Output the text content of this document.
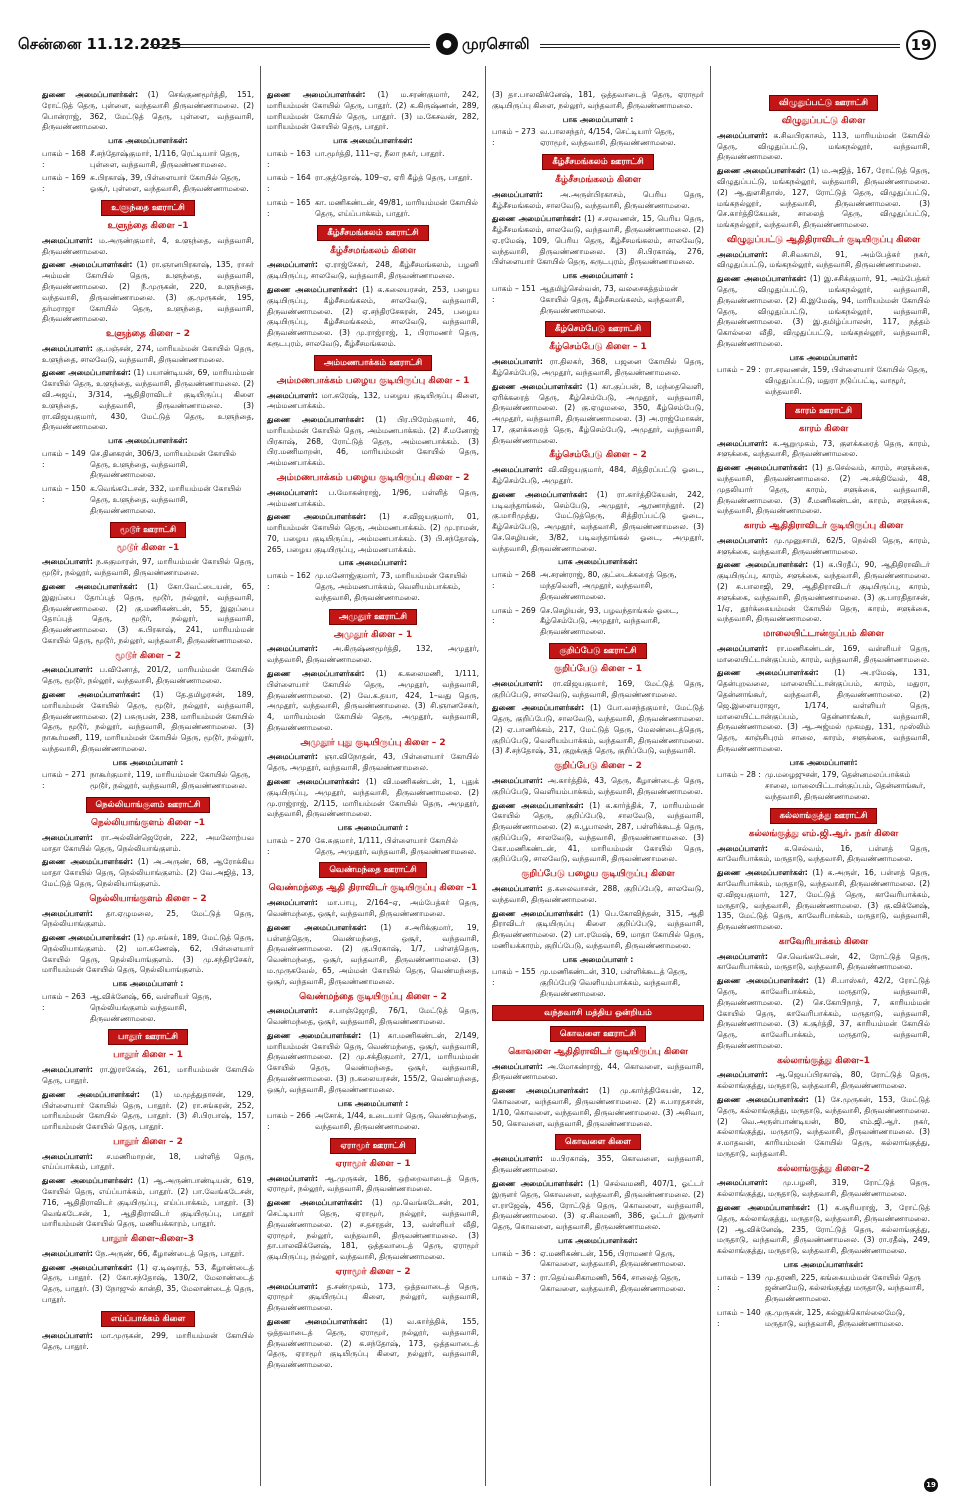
சென்னை 11.12.2025	● முரசொலி	19
துணை அமைப்பாளர்கள்: (1) செங்குணமூர்த்தி, 151, ரோட்டுத் தெரு, புள்ளை, வந்தவாசி திருவண்ணாமலை. (2) பொன்ராஜ், 362, மேட்டுத் தெரு, புள்ளை, வந்தவாசி, திருவண்ணாமலை.
பாக அமைப்பாளர்கள்:
பாகம் – 168 :
சீ.சந்தோஷ்குமார், 1/116, ரெட்டியார் தெரு, புள்ளை, வந்தவாசி, திருவண்ணாமலை.
பாகம் – 169 :
சு.பிரகாஷ், 39, பிள்ளையார் கோயில் தெரு, ஓசூர், புள்ளை, வந்தவாசி, திருவண்ணாமலை.
உளுந்தை ஊராட்சி
உளுந்தை கிளை –1
அமைப்பாளர்: ம.அருண்குமார், 4, உளுந்தை, வந்தவாசி, திருவண்ணாமலை.
துணை அமைப்பாளர்கள்: (1) ரா.ஞானபிரகாஷ், 135, ராசுர் அம்மன் கோயில் தெரு, உளுந்தை, வந்தவாசி, திருவண்ணாமலை. (2) நீ.முருகன், 220, உளுந்தை, வந்தவாசி, திருவண்ணாமலை. (3) கு.முருகன், 195, தர்மராஜா கோயில் தெரு, உளுந்தை, வந்தவாசி, திருவண்ணாமலை.
உளுந்தை கிளை – 2
அமைப்பாளர்: கு.பஞ்சன், 274, மாரியம்மன் கோயில் தெரு, உளுந்தை, சாலவேடு, வந்தவாசி, திருவண்ணாமலை.
துணை அமைப்பாளர்கள்: (1) பயாண்டியன், 69, மாரியம்மன் கோயில் தெரு, உளுந்தை, வந்தவாசி, திருவண்ணாமலை. (2) வி.அஜய், 3/314, ஆதிதிராவிடர் குடியிருப்பு கிளை உளுந்தை, வந்தவாசி, திருவண்ணாமலை. (3) ரா.விஜயகுமார், 430, மேட்டுத் தெரு, உளுந்தை, திருவண்ணாமலை.
பாக அமைப்பாளர்கள்:
பாகம் – 149 :
செ.தினகரன், 306/3, மாரியம்மன் கோயில் தெரு, உளுந்தை, வந்தவாசி, திருவண்ணாமலை.
பாகம் – 150 :
க.வெங்கடேசன், 332, மாரியம்மன் கோயில் தெரு, உளுந்தை, வந்தவாசி, திருவண்ணாமலை.
மூடூர் ஊராட்சி
மூடூர் கிளை –1
அமைப்பாளர்: ந.சுகுமாரன், 97, மாரியம்மன் கோயில் தெரு, மூடூர், நல்லூர், வந்தவாசி, திருவண்ணாமலை.
துணை அமைப்பாளர்கள்: (1) கோ.வேட்டையன், 65, இலுப்பை தோப்புத் தெரு, மூடூர், நல்லூர், வந்தவாசி, திருவண்ணாமலை. (2) கு.மணிகண்டன், 55, இலுப்பை தோப்புத் தெரு, மூடூர், நல்லூர், வந்தவாசி, திருவண்ணாமலை. (3) க.பிரகாஷ், 241, மாரியம்மன் கோயில் தெரு, மூடூர், நல்லூர், வந்தவாசி, திருவண்ணாமலை.
மூடூர் கிளை – 2
அமைப்பாளர்: ப.வினோத், 201/2, மாரியம்மன் கோயில் தெரு, மூடூர், நல்லூர், வந்தவாசி, திருவண்ணாமலை.
துணை அமைப்பாளர்கள்: (1) தே.தமிழரசன், 189, மாரியம்மன் கோயில் தெரு, மூடூர், நல்லூர், வந்தவாசி, திருவண்ணாமலை. (2) பசுருபன், 238, மாரியம்மன் கோயில் தெரு, மூடூர், நல்லூர், வந்தவாசி, திருவண்ணாமலை. (3) நாகூர்மணி, 119, மாரியம்மன் கோயில் தெரு, மூடூர், நல்லூர், வந்தவாசி, திருவண்ணாமலை.
பாக அமைப்பாளர் :
பாகம் – 271 :
நாகூர்குமார், 119, மாரியம்மன் கோயில் தெரு, மூடூர், நல்லூர், வந்தவாசி, திருவண்ணாமலை.
நெல்லியாங்குளம் ஊராட்சி
நெல்லியாங்குளம் கிளை –1
அமைப்பாளர்: ரா.அல்லின்ஜெரேன், 222, அமலோற்பவ மாதா கோயில் தெரு, நெல்லியாங்குளம்.
துணை அமைப்பாளர்கள்: (1) அ.அருண், 68, ஆரோக்கிய மாதா கோயில் தெரு, நெல்லியாங்குளம். (2) வே.அஜித், 13, மேட்டுத் தெரு, நெல்லியாங்குளம்.
நெல்லியாங்குளம் கிளை – 2
அமைப்பாளர்: தா.ஏழுமலை, 25, மேட்டுத் தெரு, நெல்லியாங்குளம்.
துணை அமைப்பாளர்கள்: (1) மு.சங்கர், 189, மேட்டுத் தெரு, நெல்லியாங்குளம். (2) மா.கணேஷ், 62, பிள்ளையார் கோயில் தெரு, நெல்லியாங்குளம். (3) மு.சந்திரசேகர், மாரியம்மன் கோயில் தெரு, நெல்லியாங்குளம்.
பாக அமைப்பாளர் :
பாகம் – 263 :
ஆ.விக்னேஷ், 66, வள்ளியர் தெரு, நெல்லியங்குளம் வந்தவாசி, திருவண்ணாமலை.
பாதூர் ஊராட்சி
பாதூர் கிளை – 1
அமைப்பாளர்: ரா.இராகேஷ், 261, மாரியம்மன் கோயில் தெரு, பாதூர்.
துணை அமைப்பாளர்கள்: (1) ம.முத்துதாசன், 129, பிள்ளையார் கோயில் தெரு, பாதூர். (2) ரா.சங்கரன், 252, மாரியம்மன் கோயில் தெரு, பாதூர். (3) சி.பிரபாஷ், 157, மாரியம்மன் கோயில் தெரு, பாதூர்.
பாதூர் கிளை – 2
அமைப்பாளர்: ச.மணிமாறன், 18, பள்ளித் தெரு, எய்ப்பாக்கம், பாதூர்.
துணை அமைப்பாளர்கள்: (1) ஆ.அருண்பாண்டியன், 619, கோயில் தெரு, எய்ப்பாக்கம், பாதூர். (2) பா.வேங்கடேசன், 716, ஆதிதிராவிடர் குடியிருப்பு, எய்ப்பாக்கம், பாதூர். (3) வெங்கடேசன், 1, ஆதிதிராவிடர் குடியிருப்பு, பாதூர் மாரியம்மன் கோயில் தெரு, மணியக்காரம், பாதூர்.
பாதூர் கிளை–கிளை–3
அமைப்பாளர்: நே.அருண், 66, கீழாண்டைத் தெரு, பாதூர்.
துணை அமைப்பாளர்கள்: (1) ஏ.டிஷாரத், 53, கீழாண்டைத் தெரு, பாதூர். (2) கோ.சந்தோஷ், 130/2, மேலாண்டைத் தெரு, பாதூர். (3) நோஜுல் கான்தி, 35, மேலாண்டைத் தெரு, பாதூர்.
எய்ப்பாக்கம் கிளை
அமைப்பாளர்: மா.முருகன், 299, மாரியம்மன் கோயில் தெரு, பாதூர்.
துணை அமைப்பாளர்கள்: (1) ம.சரண்குமார், 242, மாரியம்மன் கோயில் தெரு, பாதூர். (2) க.கிருஷ்ணன், 289, மாரியம்மன் கோயில் தெரு, பாதூர். (3) ம.கேசவன், 282, மாரியம்மன் கோயில் தெரு, பாதூர்.
பாக அமைப்பாளர்கள்:
பாகம் – 163 :
பா.மூர்த்தி, 111–ஏ, நீலா நகர், பாதூர்.
பாகம் – 164 :
ரா.குத்தோஷ், 109–ஏ, ஏரி கீழ்த் தெரு, பாதூர்.
பாகம் – 165 :
கா. மணிகண்டன், 49/81, மாரியம்மன் கோயில் தெரு, எய்ப்பாக்கம், பாதூர்.
கீழ்சீசமங்கலம் ஊராட்சி
கீழ்சீசமங்கலம் கிளை
அமைப்பாளர்: ஏ.ராஜ்சேகர், 248, கீழ்சீசமங்கலம், பழனி குடியிருப்பு, சாலவேடு, வந்தவாசி, திருவண்ணாமலை.
துணை அமைப்பாளர்கள்: (1) க.கலையரசன், 253, பழைய குடியிருப்பு, கீழ்சீசமங்கலம், சாலவேடு, வந்தவாசி, திருவண்ணாமலை. (2) ஏ.சந்திரசேகரன், 245, பழைய குடியிருப்பு, கீழ்சீசமங்கலம், சாலவேடு, வந்தவாசி, திருவண்ணாமலை. (3) மு.ராஜ்ராஜ், 1, பிராமணர் தெரு, கரூடபுரம், சாலவேடு, கீழ்சீசமங்கலம்.
அம்மணபாக்கம் ஊராட்சி
அம்மணபாக்கம் பழைய குடியிருப்பு கிளை – 1
அமைப்பாளர்: மா.சுரேஷ், 132, பழைய குடியிருப்பு கிளை, அம்மணபாக்கம்.
துணை அமைப்பாளர்கள்: (1) பிர.பிரேம்குமார், 46, மாரியம்மன் கோயில் தெரு, அம்மணபாக்கம். (2) சீ.மனோஜ் பிரகாஷ், 268, ரோட்டுத் தெரு, அம்மணபாக்கம். (3) பிர.மணிமாறன், 46, மாரியம்மன் கோயில் தெரு, அம்மணபாக்கம்.
அம்மணபாக்கம் பழைய குடியிருப்பு கிளை – 2
அமைப்பாளர்: ப.மோகன்ராஜ், 1/96, பள்ளித் தெரு, அம்மணபாக்கம்.
துணை அமைப்பாளர்கள்: (1) ச.விஜயகுமார், 01, மாரியம்மன் கோயில் தெரு, அம்மணபாக்கம். (2) மு.ராமன், 70, பழைய குடியிருப்பு, அம்மணபாக்கம். (3) பி.சந்தோஷ், 265, பழைய குடியிருப்பு, அம்மணபாக்கம்.
பாக அமைப்பாளர்:
பாகம் – 162 :
மு.மனோஜ்குமார், 73, மாரியம்மன் கோயில் தெரு, அம்மணபாக்கம், வெளியம்பாக்கம், வந்தவாசி, திருவண்ணாமலை.
அமுதூர் ஊராட்சி
அமுதூர் கிளை – 1
அமைப்பாளர்: அ.கிருஷ்ணமூர்த்தி, 132, அமுதூர், வந்தவாசி, திருவண்ணாமலை.
துணை அமைப்பாளர்கள்: (1) க.கலைமணி, 1/111, பிள்ளையார் கோயில் தெரு, அமுதூர், வந்தவாசி, திருவண்ணாமலை. (2) வே.க.தயா, 424, 1–வது தெரு, அமுதூர், வந்தவாசி, திருவண்ணாமலை. (3) சி.ஞானசேகர், 4, மாரியம்மன் கோயில் தெரு, அமுதூர், வந்தவாசி, திருவண்ணாமலை.
அமுதூர் புது குடியிருப்பு கிளை – 2
அமைப்பாளர்: ஞா.விநோதன், 43, பிள்ளையார் கோயில் தெரு, அமுதூர், வந்தவாசி, திருவண்ணாமலை.
துணை அமைப்பாளர்கள்: (1) வி.மணிகண்டன், 1, புதுக் குடியிருப்பு, அமுதூர், வந்தவாசி, திருவண்ணாமலை. (2) மு.ராஜ்ராஜ், 2/115, மாரியம்மன் கோயில் தெரு, அமுதூர், வந்தவாசி, திருவண்ணாமலை.
பாக அமைப்பாளர் :
பாகம் – 270 :
கே.சுகுமார், 1/111, பிள்ளையார் கோயில் தெரு, அமுதூர், வந்தவாசி, திருவண்ணாமலை.
வெண்மந்தை ஊராட்சி
வெண்மந்தை ஆதி திராவிடர் குடியிருப்பு கிளை –1
அமைப்பாளர்: மா.பாபு, 2/164–ஏ, அம்பேத்கர் தெரு, வெண்மந்தை, ஒசூர், வந்தவாசி, திருவண்ணாமலை.
துணை அமைப்பாளர்கள்: (1) ச.அரிக்குமார், 19, பள்ளத்தெரு, வெண்மந்தை, ஒசூர், வந்தவாசி, திருவண்ணாமலை. (2) கு.பிரகாஷ், 1/7, பள்ளத்தெரு, வெண்மந்தை, ஒசூர், வந்தவாசி, திருவண்ணாமலை. (3) ம.முருகவேல், 65, அம்மன் கோயில் தெரு, வெண்மந்தை, ஒசூர், வந்தவாசி, திருவண்ணாமலை.
வெண்மந்தை குடியிருப்பு கிளை – 2
அமைப்பாளர்: ச.பாஞ்ஜோதி, 76/1, மேட்டுத் தெரு, வெண்மந்தை, ஒசூர், வந்தவாசி, திருவண்ணாமலை.
துணை அமைப்பாளர்கள்: (1) கா.மணிகண்டன், 2/149, மாரியம்மன் கோயில் தெரு, வெண்மந்தை, ஒசூர், வந்தவாசி, திருவண்ணாமலை. (2) மு.சக்திகுமார், 27/1, மாரியம்மன் கோயில் தெரு, வெண்மந்தை, ஒசூர், வந்தவாசி, திருவண்ணாமலை. (3) ந.கலையரசன், 155/2, வெண்மந்தை, ஒசூர், வந்தவாசி, திருவண்ணாமலை.
பாக அமைப்பாளர் :
பாகம் – 266 :
அசோக், 1/44, உடையார் தெரு, வெண்மந்தை, வந்தவாசி, திருவண்ணாமலை.
ஏராமூர் ஊராட்சி
ஏராமூர் கிளை – 1
அமைப்பாளர்: ஆ.முருகன், 186, ஒற்றைவாடைத் தெரு, ஏராமூர், நல்லூர், வந்தவாசி, திருவண்ணாமலை.
துணை அமைப்பாளர்கள்: (1) மு.வெங்கடேசன், 201, செட்டியார் தெரு, ஏராமூர், நல்லூர், வந்தவாசி, திருவண்ணாமலை. (2) ச.தசரதன், 13, வள்ளியர் வீதி, ஏராமூர், நல்லூர், வந்தவாசி, திருவண்ணாமலை. (3) தா.பாலவிக்னேஷ், 181, ஒத்தவாடைத் தெரு, ஏராமூர் குடியிருப்பு, நல்லூர், வந்தவாசி, திருவண்ணாமலை.
ஏராமூர் கிளை – 2
அமைப்பாளர்: த.சண்முகம், 173, ஒத்தவாடைத் தெரு, ஏராமூர் குடியிருப்பு கிளை, நல்லூர், வந்தவாசி, திருவண்ணாமலை.
துணை அமைப்பாளர்கள்: (1) வ.கார்த்திக், 155, ஒத்தவாடைத் தெரு, ஏராமூர், நல்லூர், வந்தவாசி, திருவண்ணாமலை. (2) க.சந்தோஷ், 173, ஒத்தவாடைத் தெரு, ஏராமூர் குடியிருப்பு கிளை, நல்லூர், வந்தவாசி, திருவண்ணாமலை.
(3) தா.பாலவிக்னேஷ், 181, ஒத்தவாடைத் தெரு, ஏராமூர் குடியிருப்பு கிளை, நல்லூர், வந்தவாசி, திருவண்ணாமலை.
பாக அமைப்பாளர் :
பாகம் – 273 :
வ.பாலசந்தர், 4/154, செட்டியார் தெரு, ஏராமூர், வந்தவாசி, திருவண்ணாமலை.
கீழ்சீசமங்கலம் ஊராட்சி
கீழ்சீசமங்கலம் கிளை
அமைப்பாளர்: அ.அருள்பிரகாசம், பெரிய தெரு, கீழ்சீசமங்கலம், சாலவேடு, வந்தவாசி, திருவண்ணாமலை.
துணை அமைப்பாளர்கள்: (1) ச.சரவணன், 15, பெரிய தெரு, கீழ்சீசமங்கலம், சாலவேடு, வந்தவாசி, திருவண்ணாமலை. (2) ஏ.ரமேஷ், 109, பெரிய தெரு, கீழ்சீசமங்கலம், சாலவேடு, வந்தவாசி, திருவண்ணாமலை. (3) சி.பிரகாஷ், 276, பிள்ளையார் கோயில் தெரு, கருடபுரம், திருவண்ணாமலை.
பாக அமைப்பாளர் :
பாகம் – 151 :
ஆதமிழ்செல்வன், 73, வலசைசுத்தம்மன் கோயில் தெரு, கீழ்சீசமங்கலம், வந்தவாசி, திருவண்ணாமலை.
கீழ்செம்பேடு ஊராட்சி
கீழ்செம்பேடு கிளை – 1
அமைப்பாளர்: ரா.திலகர், 368, பஜனை கோயில் தெரு, கீழ்செம்பேடு, அமுதூர், வந்தவாசி, திருவண்ணாமலை.
துணை அமைப்பாளர்கள்: (1) கா.குப்பன், 8, மந்தைவெளி, ஏரிக்கரைத் தெரு, கீழ்செம்பேடு, அமுதூர், வந்தவாசி, திருவண்ணாமலை. (2) கு.ஏழுமலை, 350, கீழ்செம்பேடு, அமுதூர், வந்தவாசி, திருவண்ணாமலை. (3) அ.ராஜ்மோகன், 17, குளக்கரைத் தெரு, கீழ்செம்பேடு, அமுதூர், வந்தவாசி, திருவண்ணாமலை.
கீழ்செம்பேடு கிளை – 2
அமைப்பாளர்: வி.விஜயகுமார், 484, சித்திரப்பட்டு ஓடை, கீழ்செம்பேடு, அமுதூர்.
துணை அமைப்பாளர்கள்: (1) ரா.கார்த்திகேயன், 242, படிவந்தாங்கல், செம்பேடு, அமுதூர், ஆரணாந்தூர். (2) கு.மாரிமுத்து, மேட்டுத்தெரு, சித்திரப்பட்டு ஓடை, கீழ்செம்பேடு, அமுதூர், வந்தவாசி, திருவண்ணாமலை. (3) செ.செழியன், 3/82, படிவந்தாங்கல் ஓடை, அமுதூர், வந்தவாசி, திருவண்ணாமலை.
பாக அமைப்பாளர்கள்:
பாகம் – 268 :
அ.சரண்ராஜ், 80, குட்டைக்கரைத் தெரு, மந்தவெளி, அமுதூர், வந்தவாசி, திருவண்ணாமலை.
பாகம் – 269 :
செ.செழியன், 93, பழவந்தாங்கல் ஓடை, கீழ்செம்பேடு, அமுதூர், வந்தவாசி, திருவண்ணாமலை.
குறிப்பேடு ஊராட்சி
குறிப்பேடு கிளை – 1
அமைப்பாளர்: ரா.விஜயகுமார், 169, மேட்டுத் தெரு, குறிப்பேடு, சாலவேடு, வந்தவாசி, திருவண்ணாமலை.
துணை அமைப்பாளர்கள்: (1) போ.வசந்தகுமார், மேட்டுத் தெரு, குறிப்பேடு, சாலவேடு, வந்தவாசி, திருவண்ணாமலை. (2) ஏ.பாணிக்கம், 217, மேட்டுத் தெரு, மேலண்டைத்தெரு, குறிப்பேடு, வெளியம்பாக்கம், வந்தவாசி, திருவண்ணாமலை. (3) சீ.சந்தோஷ், 31, குறுக்குத் தெரு, குறிப்பேடு, வந்தவாசி.
குறிப்பேடு கிளை – 2
அமைப்பாளர்: அ.கார்த்திக், 43, தெரு, கீழாண்டைத் தெரு, குறிப்பேடு, வெளியம்பாக்கம், வந்தவாசி, திருவண்ணாமலை.
துணை அமைப்பாளர்கள்: (1) க.கார்த்திக், 7, மாரியம்மன் கோயில் தெரு, குறிப்பேடு, சாலவேடு, வந்தவாசி, திருவண்ணாமலை. (2) சு.பூபாலன், 287, பள்ளிக்கூடத் தெரு, குறிப்பேடு, சாலவேடு, வந்தவாசி, திருவண்ணாமலை. (3) கோ.மணிகண்டன், 41, மாரியம்மன் கோயில் தெரு, குறிப்பேடு, சாலவேடு, வந்தவாசி, திருவண்ணாமலை.
குறிப்பேடு பழைய குடியிருப்பு கிளை
அமைப்பாளர்: த.கலைவாசன், 288, குறிப்பேடு, சாலவேடு, வந்தவாசி, திருவண்ணாமலை.
துணை அமைப்பாளர்கள்: (1) பெ.கோவிந்தன், 315, ஆதி திராவிடர் குடியிருப்பு கிளை குறிப்பேடு, வந்தவாசி, திருவண்ணாமலை. (2) பா.ரமேஷ், 69, மாதா கோயில் தெரு, மணியக்காரம், குறிப்பேடு, வந்தவாசி, திருவண்ணாமலை.
பாக அமைப்பாளர் :
பாகம் – 155 :
மு.மணிகண்டன், 310, பள்ளிக்கூடத் தெரு, குறிப்பேடு வெளியம்பாக்கம், வந்தவாசி, திருவண்ணாமலை.
வந்தவாசி மத்திய ஒன்றியம்
கொவளை ஊராட்சி
கொவளை ஆதிதிராவிடர் குடியிருப்பு கிளை
அமைப்பாளர்: அ.மோகன்ராஜ், 44, கொவளை, வந்தவாசி, திருவண்ணாமலை.
துணை அமைப்பாளர்கள்: (1) மு.கார்த்திகேயன், 12, கொவளை, வந்தவாசி, திருவண்ணாமலை. (2) சு.பாரதசான், 1/10, கொவளை, வந்தவாசி, திருவண்ணாமலை. (3) அசிவா, 50, கொவளை, வந்தவாசி, திருவண்ணாமலை.
கொவளை கிளை
அமைப்பாளர்: ம.பிரகாஷ், 355, கொவளை, வந்தவாசி, திருவண்ணாமலை.
துணை அமைப்பாளர்கள்: (1) செல்வமணி, 407/1, ஓட்டர் இருளர் தெரு, கொவளை, வந்தவாசி, திருவண்ணாமலை. (2) எ.ராஜேஷ், 456, ரோட்டுத் தெரு, கொவளை, வந்தவாசி, திருவண்ணாமலை. (3) ஏ.சிவமணி, 386, ஓட்டர் இருளர் தெரு, கொவளை, வந்தவாசி, திருவண்ணாமலை.
பாக அமைப்பாளர்கள்:
பாகம் – 36 : ஏ.மணிகண்டன், 156, பிராமணர் தெரு, கொவளை, வந்தவாசி, திருவண்ணாமலை.
பாகம் – 37 : ரா.தெய்வசிகாமணி, 564, சாலைத் தெரு, கொவளை, வந்தவாசி, திருவண்ணாமலை.
விழுதுப்பட்டு ஊராட்சி
விழுதுப்பட்டு கிளை
அமைப்பாளர்: க.சிவபிரகாசம், 113, மாரியம்மன் கோயில் தெரு, விழுதுப்பட்டு, மங்கநல்லூர், வந்தவாசி, திருவண்ணாமலை.
துணை அமைப்பாளர்கள்: (1) ம.அஜித், 167, ரோட்டுத் தெரு, விழுதுப்பட்டு, மங்கநல்லூர், வந்தவாசி, திருவண்ணாமலை. (2) ஆ.துளசிதாஸ், 127, ரோட்டுத் தெரு, விழுதுப்பட்டு, மங்கநல்லூர், வந்தவாசி, திருவண்ணாமலை. (3) செ.கார்த்திகேயன், சாலைத் தெரு, விழுதுப்பட்டு, மங்கநல்லூர், வந்தவாசி, திருவண்ணாமலை.
விழுதுப்பட்டு ஆதிதிராவிடர் குடியிருப்பு கிளை
அமைப்பாளர்: சி.சிவகாமி, 91, அம்பேத்கர் நகர், விழுதுப்பட்டு, மங்கநல்லூர், வந்தவாசி, திருவண்ணாமலை.
துணை அமைப்பாளர்கள்: (1) இ.சசிக்குமார், 91, அம்பேத்கர் தெரு, விழுதுப்பட்டு, மங்கநல்லூர், வந்தவாசி, திருவண்ணாமலை. (2) கி.இமேஷ், 94, மாரியம்மன் கோயில் தெரு, விழுதுப்பட்டு, மங்கநல்லூர், வந்தவாசி, திருவண்ணாமலை. (3) இ.தமிழ்ப்பாலன், 117, நத்தம் கொல்லை வீதி, விழுதுப்பட்டு, மங்கநல்லூர், வந்தவாசி, திருவண்ணாமலை.
பாக அமைப்பாளர்:
பாகம் – 29 : ரா.சரவணன், 159, பிள்ளையார் கோயில் தெரு, விழுதுப்பட்டு, மதுரா நடுப்பட்டி, வாழூர், வந்தவாசி.
காரம் ஊராட்சி
காரம் கிளை
அமைப்பாளர்: க.ஆறுமுகம், 73, குளக்கரைத் தெரு, காரம், சளுக்கை, வந்தவாசி, திருவண்ணாமலை.
துணை அமைப்பாளர்கள்: (1) த.செல்வம், காரம், சளுக்கை, வந்தவாசி, திருவண்ணாமலை. (2) அ.சக்திவேல், 48, முதலியார் தெரு, காரம், சளுக்கை, வந்தவாசி, திருவண்ணாமலை. (3) சீ.மணிகண்டன், காரம், சளுக்கை, வந்தவாசி, திருவண்ணாமலை.
காரம் ஆதிதிராவிடர் குடியிருப்பு கிளை
அமைப்பாளர்: மு.முனுசாமி, 62/5, நெல்லி தெரு, காரம், சளுக்கை, வந்தவாசி, திருவண்ணாமலை.
துணை அமைப்பாளர்கள்: (1) க.பிரதீப், 90, ஆதிதிராவிடர் குடியிருப்பு, காரம், சளுக்கை, வந்தவாசி, திருவண்ணாமலை. (2) சு.பாலாஜி, 29, ஆதிதிராவிடர் குடியிருப்பு, காரம், சளுக்கை, வந்தவாசி, திருவண்ணாமலை. (3) கு.பாரதிதாசன், 1/ஏ, தூர்க்கையம்மன் கோயில் தெரு, காரம், சளுக்கை, வந்தவாசி, திருவண்ணாமலை.
மாலையிட்டான்குப்பம் கிளை
அமைப்பாளர்: ரா.மணிகண்டன், 169, வள்ளியர் தெரு, மாலையிட்டான்குப்பம், காரம், வந்தவாசி, திருவண்ணாமலை.
துணை அமைப்பாளர்கள்: (1) அ.ரமேஷ், 131, தென்புறவலை, மாலையிட்டான்குப்பம், காரம், மதுரா, தென்னாங்கூர், வந்தவாசி, திருவண்ணாமலை. (2) ஜெ.இளையராஜா, 1/174, வள்ளியர் தெரு, மாலையிட்டான்குப்பம், தென்னாங்கூர், வந்தவாசி, திருவண்ணாமலை. (3) ஆ.அஜ்மல் முகமது, 131, முஸ்லிம் தெரு, காஞ்சிபுரம் சாலை, காரம், சளுக்கை, வந்தவாசி, திருவண்ணாமலை.
பாக அமைப்பாளர்:
பாகம் – 28 : மு.மழைஜுசன், 179, தென்னமலப்பாக்கம் சாலை, மாலையிட்டான்குப்பம், தென்னாங்கூர், வந்தவாசி, திருவண்ணாமலை.
கல்லாங்குத்து ஊராட்சி
கல்லங்குத்து எம்.ஜி.ஆர். நகர் கிளை
அமைப்பாளர்: க.செல்வம், 16, பள்ளத் தெரு, காவேரிபாக்கம், மருதாடு, வந்தவாசி, திருவண்ணாமலை.
துணை அமைப்பாளர்கள்: (1) க.அருள், 16, பள்ளத் தெரு, காவேரிபாக்கம், மருதாடு, வந்தவாசி, திருவண்ணாமலை. (2) ஏ.விஜயகுமார், 127, மேட்டுத் தெரு, காவேரிபாக்கம், மருதாடு, வந்தவாசி, திருவண்ணாமலை. (3) கு.விக்னேஷ், 135, மேட்டுத் தெரு, காவேரிபாக்கம், மருதாடு, வந்தவாசி, திருவண்ணாமலை.
காவேரிபாக்கம் கிளை
அமைப்பாளர்: செ.வெங்கடேசன், 42, ரோட்டுத் தெரு, காவேரிபாக்கம், மருதாடு, வந்தவாசி, திருவண்ணாமலை.
துணை அமைப்பாளர்கள்: (1) சி.பாஸ்கர், 42/2, ரோட்டுத் தெரு, காவேரிபாக்கம், மருதாடு, வந்தவாசி, திருவண்ணாமலை. (2) செ.கோபிநாத், 7, காரியம்மன் கோயில் தெரு, காவேரிபாக்கம், மருதாடு, வந்தவாசி, திருவண்ணாமலை. (3) க.சூர்த்தி, 37, காரியம்மன் கோயில் தெரு, காவேரிபாக்கம், மருதாடு, வந்தவாசி, திருவண்ணாமலை.
கல்லாங்குத்து கிளை–1
அமைப்பாளர்: ஆ.ஜெயப்பிரகாஷ், 80, ரோட்டுத் தெரு, கல்லாங்குத்து, மருதாடு, வந்தவாசி, திருவண்ணாமலை.
துணை அமைப்பாளர்கள்: (1) சே.முருகன், 153, மேட்டுத் தெரு, கல்லாங்குத்து, மருதாடு, வந்தவாசி, திருவண்ணாமலை. (2) வெ.அருள்பாண்டியன், 80, எம்.ஜி.ஆர். நகர், கல்லாங்குத்து, மருதாடு, வந்தவாசி, திருவண்ணாமலை. (3) ச.மாதவன், காரியம்மன் கோயில் தெரு, கல்லாங்குத்து, மருதாடு, வந்தவாசி.
கல்லாங்குத்து கிளை–2
அமைப்பாளர்: மு.பழனி, 319, ரோட்டுத் தெரு, கல்லாங்குத்து, மருதாடு, வந்தவாசி, திருவண்ணாமலை.
துணை அமைப்பாளர்கள்: (1) க.சூரியராஜ், 3, ரோட்டுத் தெரு, கல்லாங்குத்து, மருதாடு, வந்தவாசி, திருவண்ணாமலை. (2) ஆ.விக்னேஷ், 235, ரோட்டுத் தெரு, கல்லாங்குத்து, மருதாடு, வந்தவாசி, திருவண்ணாமலை. (3) ரா.ரதீஷ், 249, கல்லாங்குத்து, மருதாடு, வந்தவாசி, திருவண்ணாமலை.
பாக அமைப்பாளர்கள்:
பாகம் – 139 :
மு.தரணி, 225, கங்கையம்மன் கோயில் தெரு ஜன்னமேடு, கல்லங்குத்து மருதாடு, வந்தவாசி, திருவண்ணாமலை.
பாகம் – 140 :
கு.முருகன், 125, கல்லுக்கொல்லைமேடு, மருதாடு, வந்தவாசி, திருவண்ணாமலை.
19
